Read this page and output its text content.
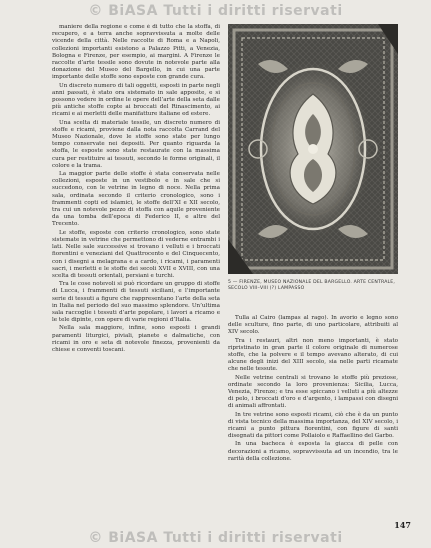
© BiASA Tutti i diritti riservati

maniere della regione e come è di tutto che la stoffa, di recupero, e a terra anche sopravvissuta a molte delle vicende della città. Nelle raccolte di Roma e a Napoli, collezioni importanti esistono a Palazzo Pitti, a Venezia, Bologna e Firenze, per esempio, ai margini. A Firenze le raccolte d’arte tessile sono dovute in notevole parte alla donazione del Museo del Bargello, in cui una parte importante delle stoffe sono esposte con grande cura.

Un discreto numero di tali oggetti, esposti in parte negli anni passati, è stato ora sistemato in sale apposite, e si possono vedere in ordine le opere dell’arte della seta dalle più antiche stoffe copte ai broccati del Rinascimento, ai ricami e ai merletti delle manifatture italiane ed estere.

Una scelta di materiale tessile, un discreto numero di stoffe e ricami, proviene dalla nota raccolta Carrand del Museo Nazionale, dove le stoffe sono state per lungo tempo conservate nei depositi. Per quanto riguarda la stoffa, le esposte sono state restaurate con la massima cura per restituire ai tessuti, secondo le forme originali, il colore e la trama.

La maggior parte delle stoffe è stata conservata nelle collezioni, esposte in un vestibolo e in sale che si succedono, con le vetrine in legno di noce. Nella prima sala, ordinata secondo il criterio cronologico, sono i frammenti copti ed islamici, le stoffe dell’XI e XII secolo, tra cui un notevole pezzo di stoffa con aquile proveniente da una tomba dell’epoca di Federico II, e altre del Trecento.

Le stoffe, esposte con criterio cronologico, sono state sistemate in vetrine che permettono di vederne entrambi i lati. Nelle sale successive si trovano i velluti e i broccati fiorentini e veneziani del Quattrocento e del Cinquecento, con i disegni a melagrana e a cardo, i ricami, i paramenti sacri, i merletti e le stoffe dei secoli XVII e XVIII, con una scelta di tessuti orientali, persiani e turchi.

Tra le cose notevoli si può ricordare un gruppo di stoffe di Lucca, i frammenti di tessuti siciliani, e l’importante serie di tessuti a figure che rappresentano l’arte della seta in Italia nel periodo del suo massimo splendore. Un’ultima sala raccoglie i tessuti d’arte popolare, i lavori a ricamo e le tele dipinte, con opere di varie regioni d’Italia.

Nella sala maggiore, infine, sono esposti i grandi paramenti liturgici, piviali, pianete e dalmatiche, con ricami in oro e seta di notevole finezza, provenienti da chiese e conventi toscani.

5 — FIRENZE, MUSEO NAZIONALE DEL BARGELLO. ARTE CENTRALE, SECOLO VIII–VIII (?) LAMPASSO

Tulla al Cairo (lampas al rago). In avorio e legno sono delle sculture, fino parte, di uno particolare, attribuiti al XIV secolo.

Tra i restauri, altri non meno importanti, è stato ripristinato in gran parte il colore originale di numerose stoffe, che la polvere e il tempo avevano alterato, di cui alcune degli inizi del XIII secolo, sia nelle parti ricamate che nelle tessute.

Nelle vetrine centrali si trovano le stoffe più preziose, ordinate secondo la loro provenienza: Sicilia, Lucca, Venezia, Firenze; e tra esse spiccano i velluti a più altezze di pelo, i broccati d’oro e d’argento, i lampassi con disegni di animali affrontati.

In tre vetrine sono esposti ricami, ciò che è da un punto di vista tecnico della massima importanza, del XIV secolo, i ricami a punto pittura fiorentini, con figure di santi disegnati da pittori come Pollaiolo e Raffaellino del Garbo.

In una bacheca è esposta la giacca di pelle con decorazioni a ricamo, sopravvissuta ad un incendio, tra le rarità della collezione.

147
© BiASA Tutti i diritti riservati
